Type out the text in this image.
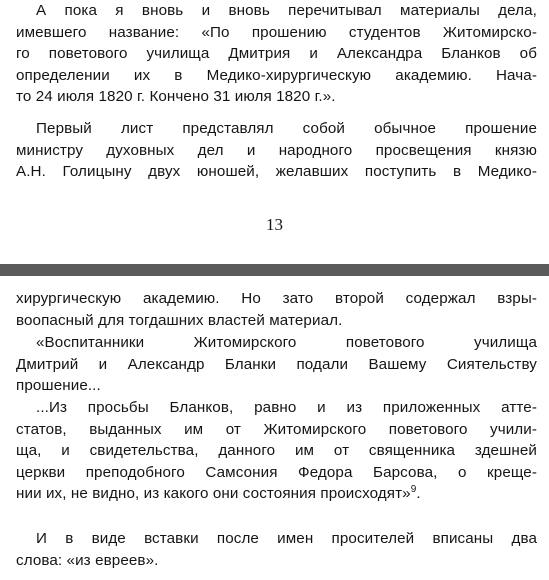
А пока я вновь и вновь перечитывал материалы дела,
имевшего название: «По прошению студентов Житомирско-
го поветового училища Дмитрия и Александра Бланков об
определении их в Медико-хирургическую академию. Нача-
то 24 июля 1820 г. Кончено 31 июля 1820 г.».

Первый лист представлял собой обычное прошение
министру духовных дел и народного просвещения князю
А.Н. Голицыну двух юношей, желавших поступить в Медико-

13

хирургическую академию. Но зато второй содержал взры-
воопасный для тогдашних властей материал.

«Воспитанники Житомирского поветового училища
Дмитрий и Александр Бланки подали Вашему Сиятельству
прошение...

...Из просьбы Бланков, равно и из приложенных атте-
статов, выданных им от Житомирского поветового учили-
ща, и свидетельства, данного им от священника здешней
церкви преподобного Самсония Федора Барсова, о креще-
нии их, не видно, из какого они состояния происходят»$^9$.

И в виде вставки после имен просителей вписаны два
слова: «из евреев».
